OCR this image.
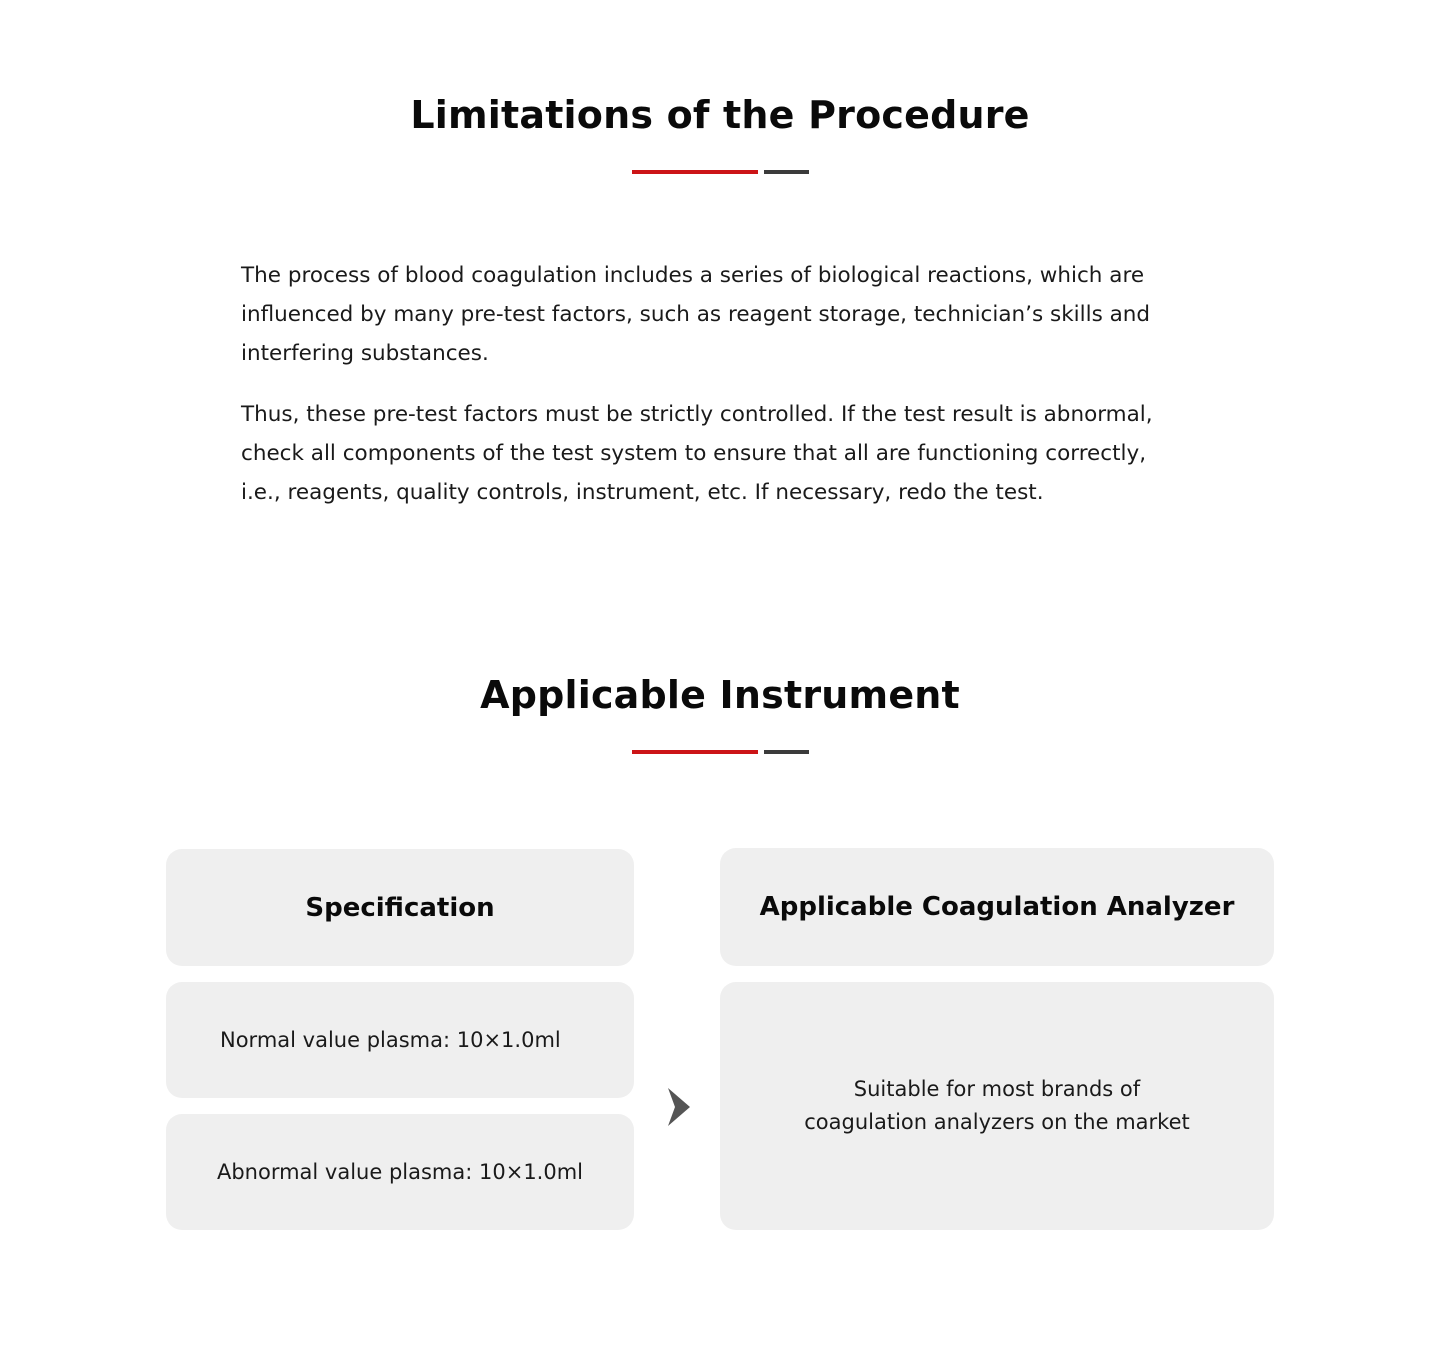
Limitations of the Procedure

The process of blood coagulation includes a series of biological reactions, which are influenced by many pre-test factors, such as reagent storage, technician’s skills and interfering substances.

Thus, these pre-test factors must be strictly controlled. If the test result is abnormal, check all components of the test system to ensure that all are functioning correctly, i.e., reagents, quality controls, instrument, etc. If necessary, redo the test.

Applicable Instrument
Specification
Normal value plasma: 10×1.0ml
Abnormal value plasma: 10×1.0ml
Applicable Coagulation Analyzer
Suitable for most brands of
coagulation analyzers on the market
